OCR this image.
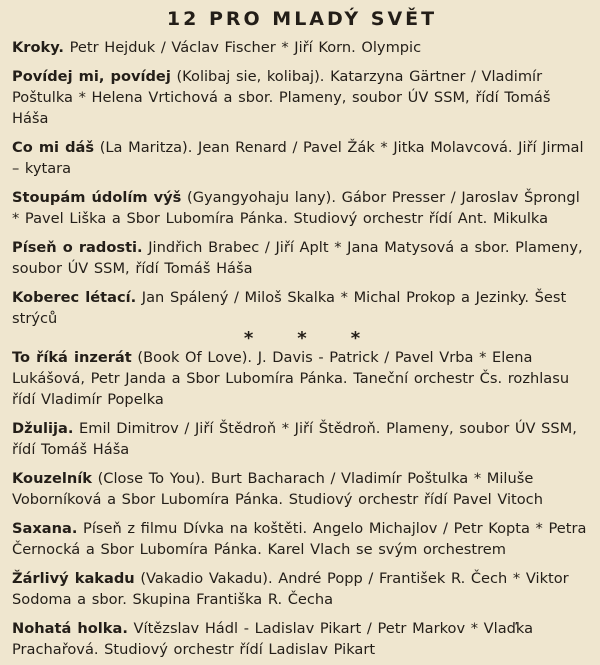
12 PRO MLADÝ SVĚT

Kroky. Petr Hejduk / Václav Fischer * Jiří Korn. Olympic

Povídej mi, povídej (Kolibaj sie, kolibaj). Katarzyna Gärtner / Vladimír Poštulka * Helena Vrtichová a sbor. Plameny, soubor ÚV SSM, řídí Tomáš Háša

Co mi dáš (La Maritza). Jean Renard / Pavel Žák * Jitka Molavcová. Jiří Jirmal – kytara

Stoupám údolím výš (Gyangyohaju lany). Gábor Presser / Jaroslav Šprongl * Pavel Liška a Sbor Lubomíra Pánka. Studiový orchestr řídí Ant. Mikulka

Píseň o radosti. Jindřich Brabec / Jiří Aplt * Jana Matysová a sbor. Plameny, soubor ÚV SSM, řídí Tomáš Háša

Koberec létací. Jan Spálený / Miloš Skalka * Michal Prokop a Jezinky. Šest strýců

* * *

To říká inzerát (Book Of Love). J. Davis - Patrick / Pavel Vrba * Elena Lukášová, Petr Janda a Sbor Lubomíra Pánka. Taneční orchestr Čs. rozhlasu řídí Vladimír Popelka

Džulija. Emil Dimitrov / Jiří Štědroň * Jiří Štědroň. Plameny, soubor ÚV SSM, řídí Tomáš Háša

Kouzelník (Close To You). Burt Bacharach / Vladimír Poštulka * Miluše Voborníková a Sbor Lubomíra Pánka. Studiový orchestr řídí Pavel Vitoch

Saxana. Píseň z filmu Dívka na koštěti. Angelo Michajlov / Petr Kopta * Petra Černocká a Sbor Lubomíra Pánka. Karel Vlach se svým orchestrem

Žárlivý kakadu (Vakadio Vakadu). André Popp / František R. Čech * Viktor Sodoma a sbor. Skupina Františka R. Čecha

Nohatá holka. Vítězslav Hádl - Ladislav Pikart / Petr Markov * Vlaďka Prachařová. Studiový orchestr řídí Ladislav Pikart
